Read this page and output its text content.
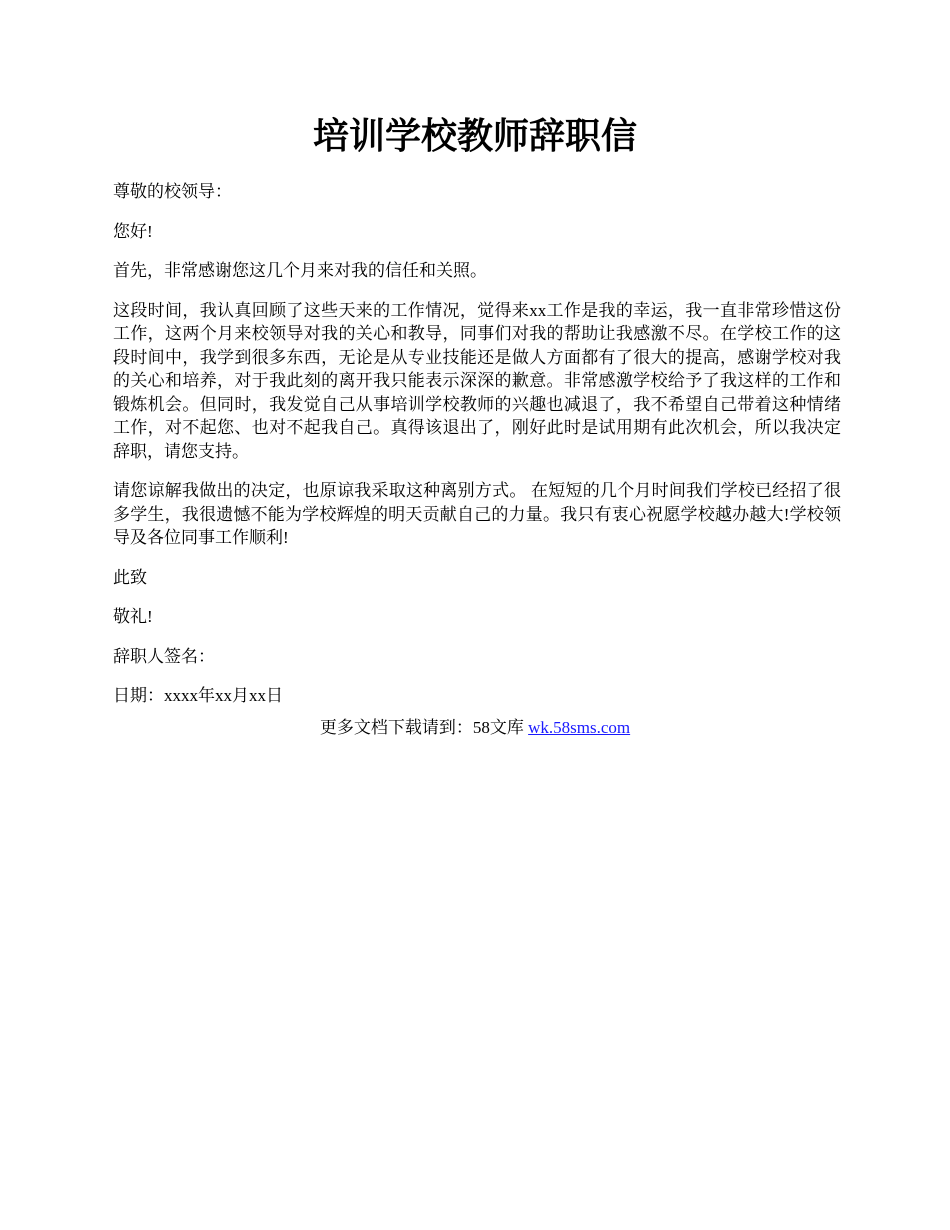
培训学校教师辞职信

尊敬的校领导：

您好!

首先，非常感谢您这几个月来对我的信任和关照。

这段时间，我认真回顾了这些天来的工作情况，觉得来xx工作是我的幸运，我一直非常珍惜这份工作，这两个月来校领导对我的关心和教导，同事们对我的帮助让我感激不尽。在学校工作的这段时间中，我学到很多东西，无论是从专业技能还是做人方面都有了很大的提高，感谢学校对我的关心和培养，对于我此刻的离开我只能表示深深的歉意。非常感激学校给予了我这样的工作和锻炼机会。但同时，我发觉自己从事培训学校教师的兴趣也减退了，我不希望自己带着这种情绪工作，对不起您、也对不起我自己。真得该退出了，刚好此时是试用期有此次机会，所以我决定辞职，请您支持。

请您谅解我做出的决定，也原谅我采取这种离别方式。 在短短的几个月时间我们学校已经招了很多学生，我很遗憾不能为学校辉煌的明天贡献自己的力量。我只有衷心祝愿学校越办越大!学校领导及各位同事工作顺利!

此致

敬礼!

辞职人签名：

日期：xxxx年xx月xx日

更多文档下载请到：58文库 wk.58sms.com
